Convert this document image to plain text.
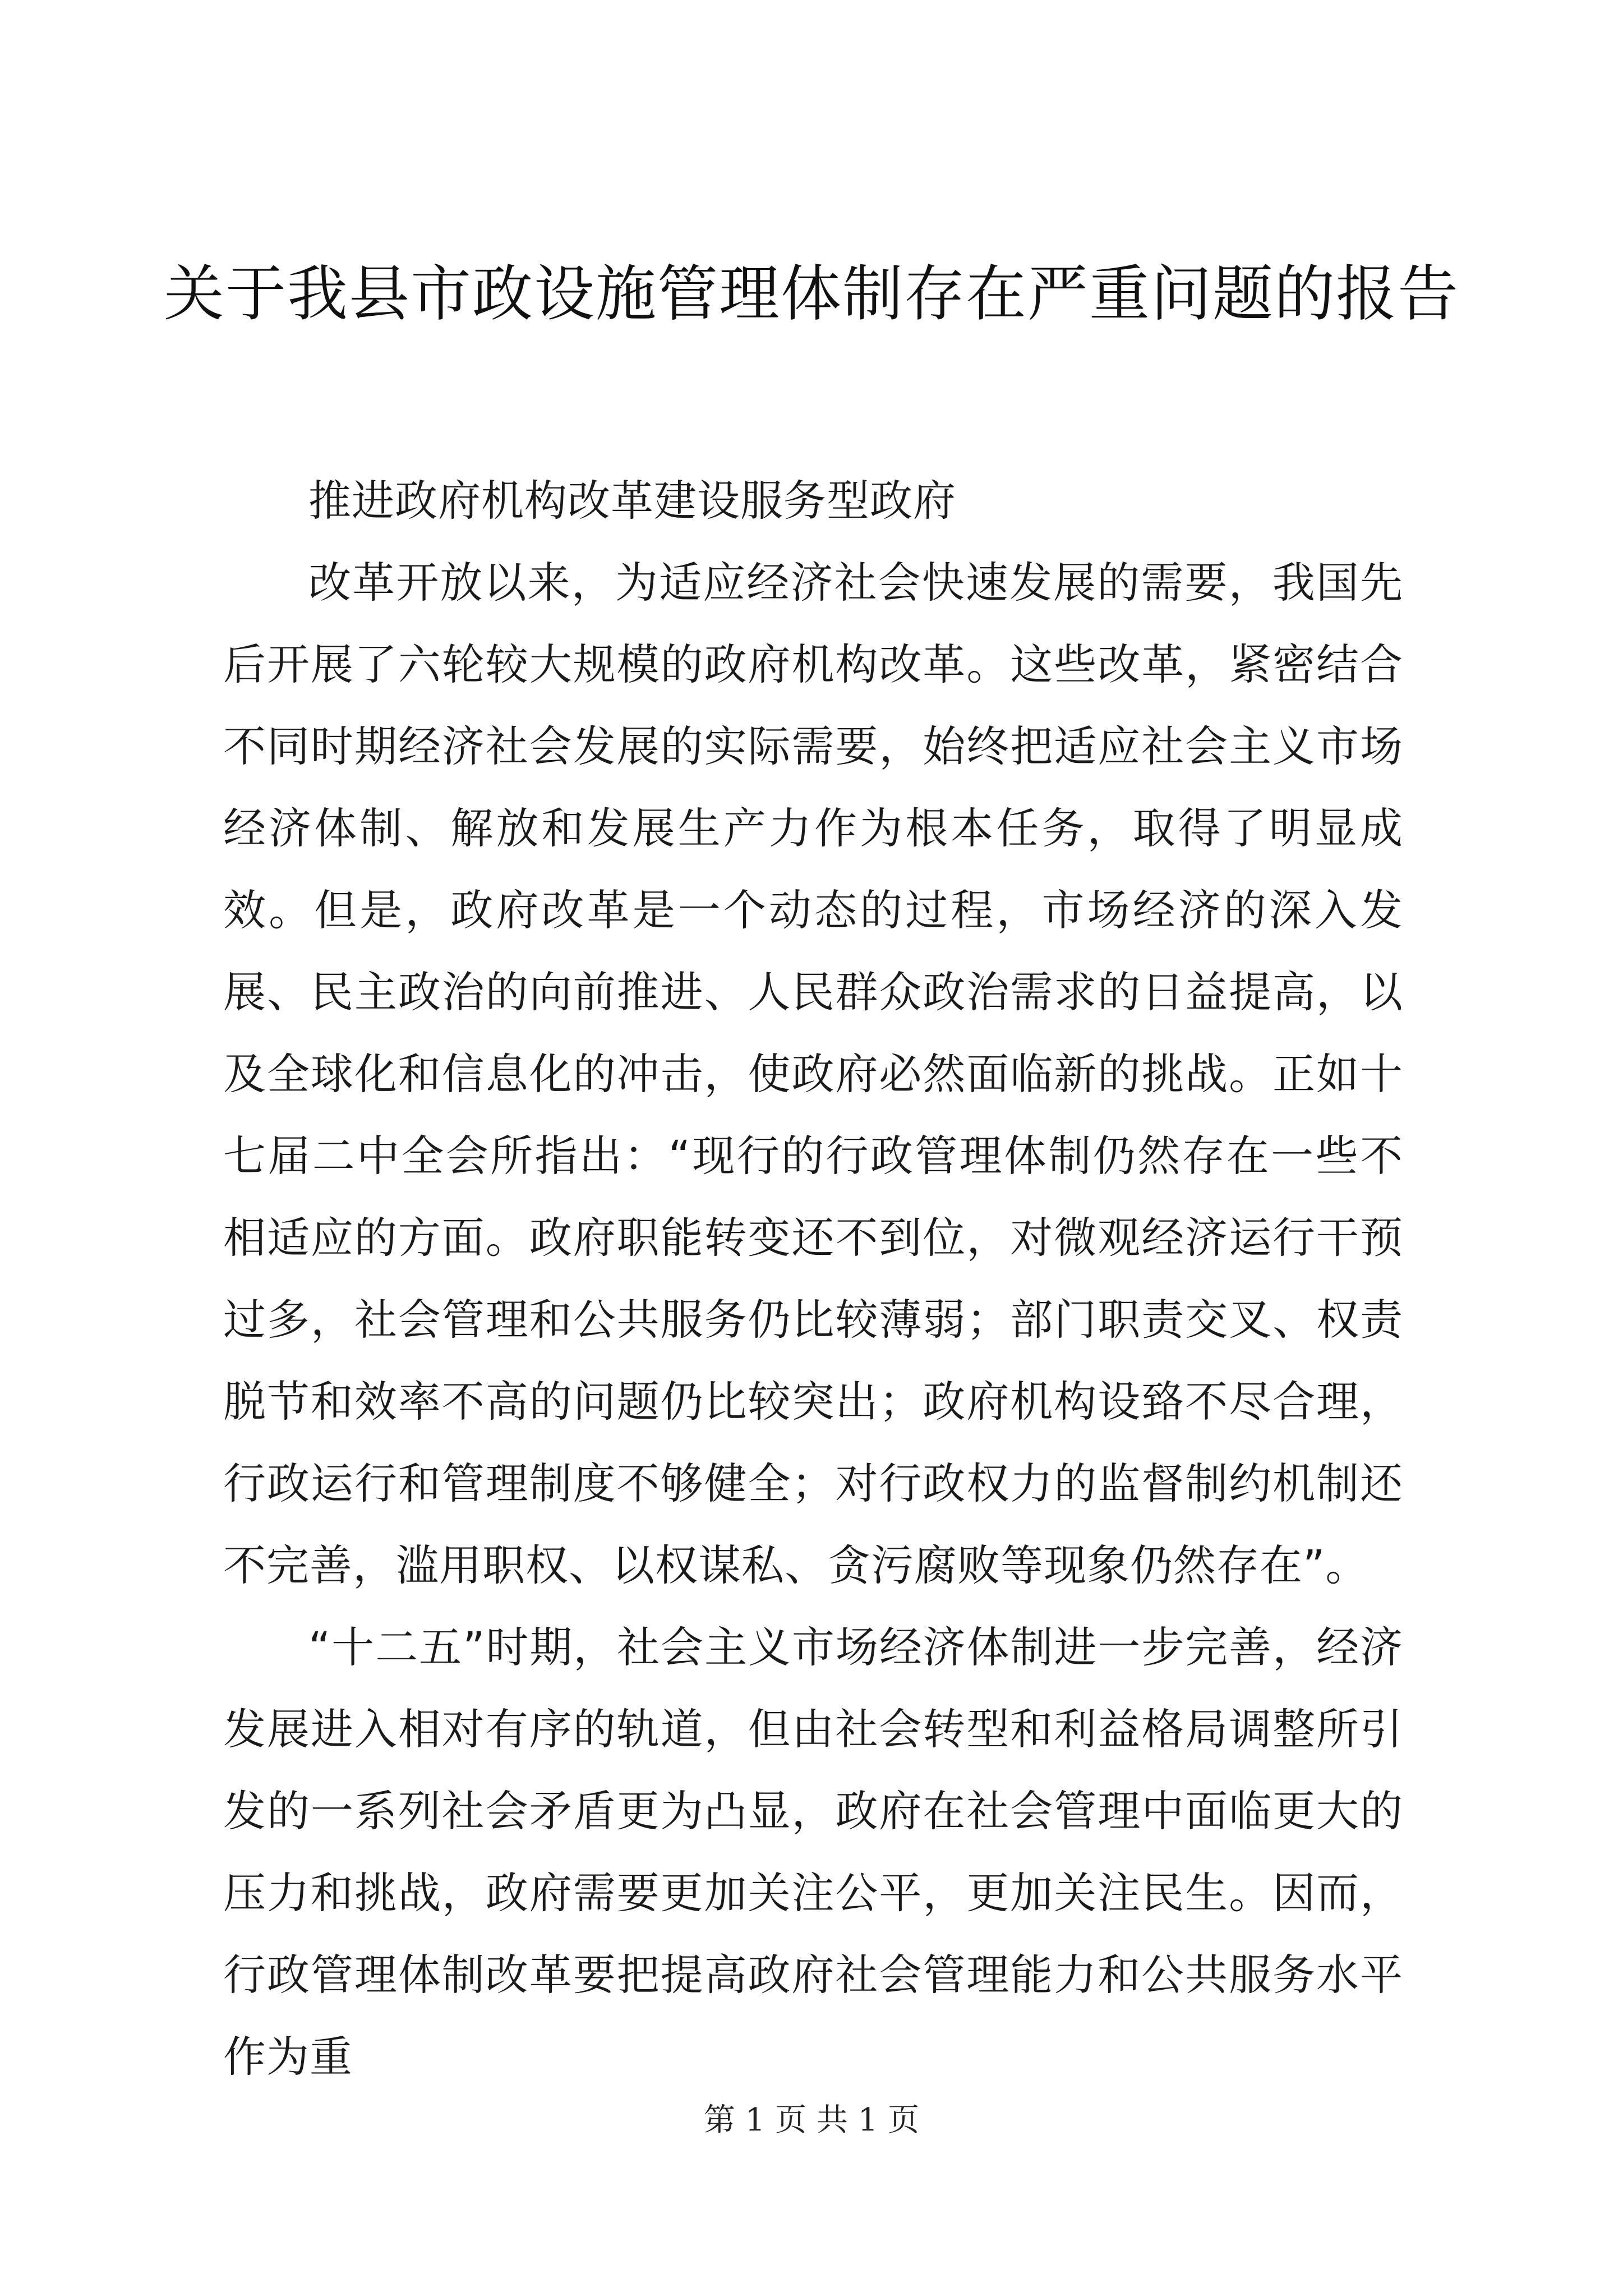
关于我县市政设施管理体制存在严重问题的报告

推进政府机构改革建设服务型政府

改革开放以来，为适应经济社会快速发展的需要，我国先后开展了六轮较大规模的政府机构改革。这些改革，紧密结合不同时期经济社会发展的实际需要，始终把适应社会主义市场经济体制、解放和发展生产力作为根本任务，取得了明显成效。但是，政府改革是一个动态的过程，市场经济的深入发展、民主政治的向前推进、人民群众政治需求的日益提高，以及全球化和信息化的冲击，使政府必然面临新的挑战。正如十七届二中全会所指出：“现行的行政管理体制仍然存在一些不相适应的方面。政府职能转变还不到位，对微观经济运行干预过多，社会管理和公共服务仍比较薄弱；部门职责交叉、权责脱节和效率不高的问题仍比较突出；政府机构设臵不尽合理，行政运行和管理制度不够健全；对行政权力的监督制约机制还不完善，滥用职权、以权谋私、贪污腐败等现象仍然存在”。

“十二五”时期，社会主义市场经济体制进一步完善，经济发展进入相对有序的轨道，但由社会转型和利益格局调整所引发的一系列社会矛盾更为凸显，政府在社会管理中面临更大的压力和挑战，政府需要更加关注公平，更加关注民生。因而，行政管理体制改革要把提高政府社会管理能力和公共服务水平作为重

第 1 页 共 1 页
